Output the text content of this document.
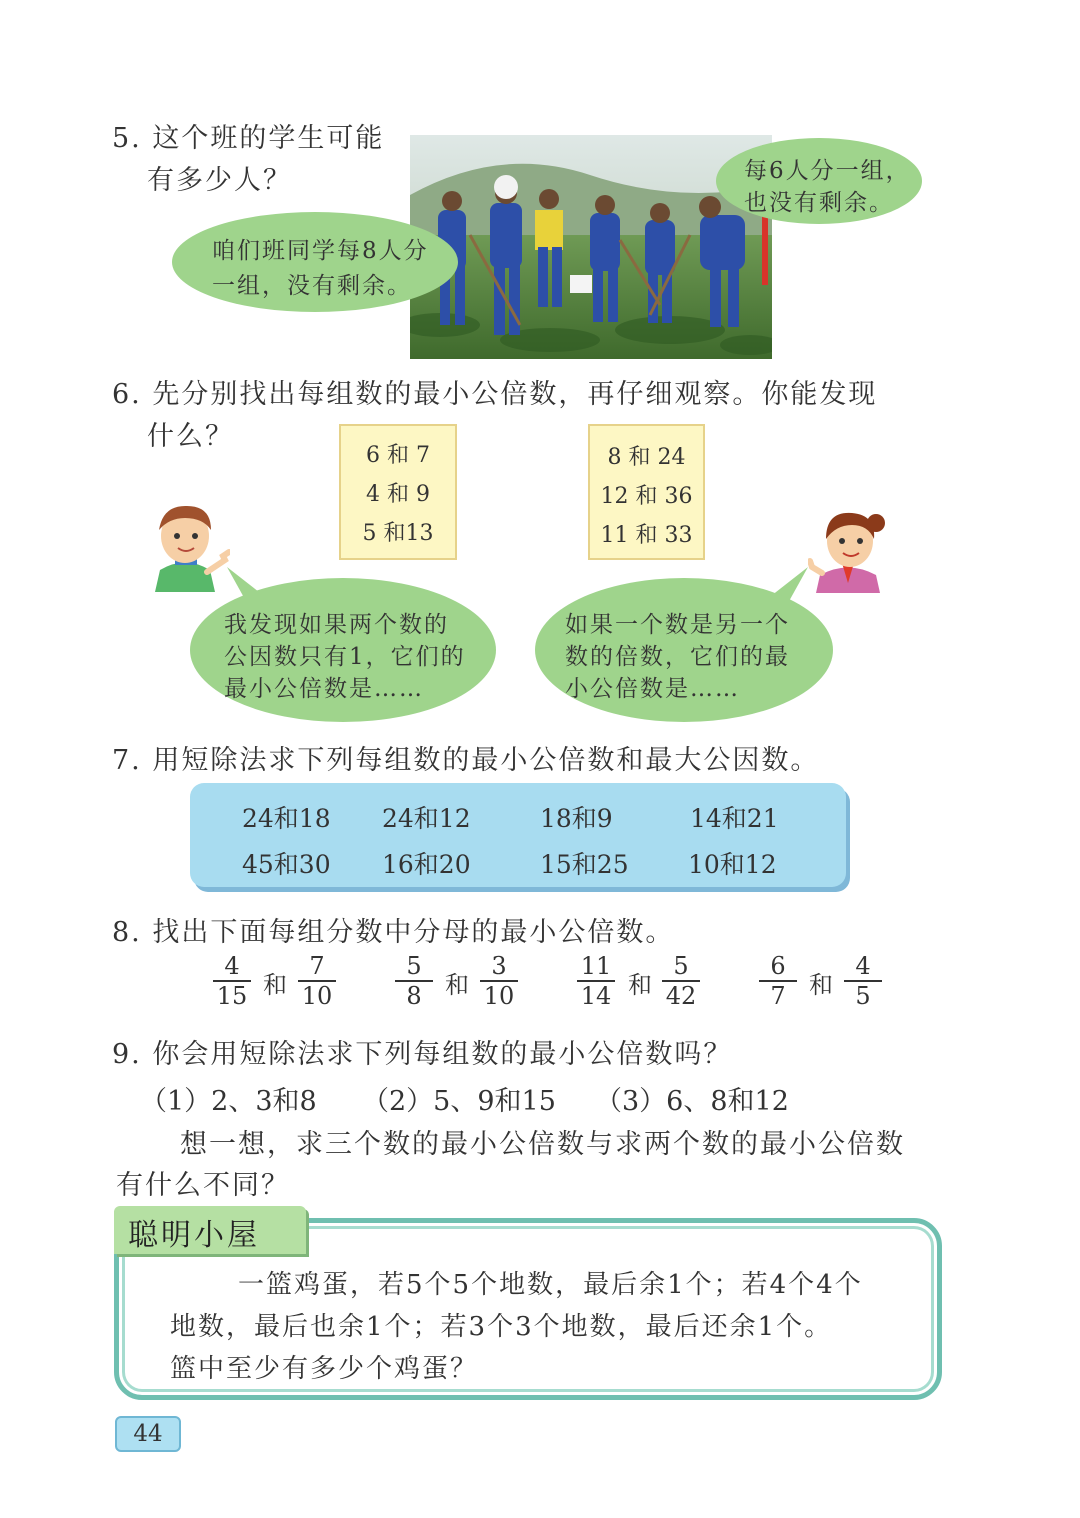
5. 这个班的学生可能
有多少人？
咱们班同学每8人分
一组，没有剩余。
每6人分一组，
也没有剩余。
6. 先分别找出每组数的最小公倍数，再仔细观察。你能发现
什么？
6 和 7
4 和 9
5 和13
8 和 24
12 和 36
11 和 33
我发现如果两个数的
公因数只有1，它们的
最小公倍数是……
如果一个数是另一个
数的倍数，它们的最
小公倍数是……
7. 用短除法求下列每组数的最小公倍数和最大公因数。
24和18 24和12	18和9	14和21
45和30 16和20	15和25 10和12
8. 找出下面每组分数中分母的最小公倍数。
4
15 和
7
10
5
8 和
3
10
11
14 和
5
42
6
7 和
4
5
9. 你会用短除法求下列每组数的最小公倍数吗？
（1）2、3和8 （2）5、9和15 （3）6、8和12
想一想，求三个数的最小公倍数与求两个数的最小公倍数
有什么不同？
聪明小屋
一篮鸡蛋，若5个5个地数，最后余1个；若4个4个
地数，最后也余1个；若3个3个地数，最后还余1个。
篮中至少有多少个鸡蛋？
44
